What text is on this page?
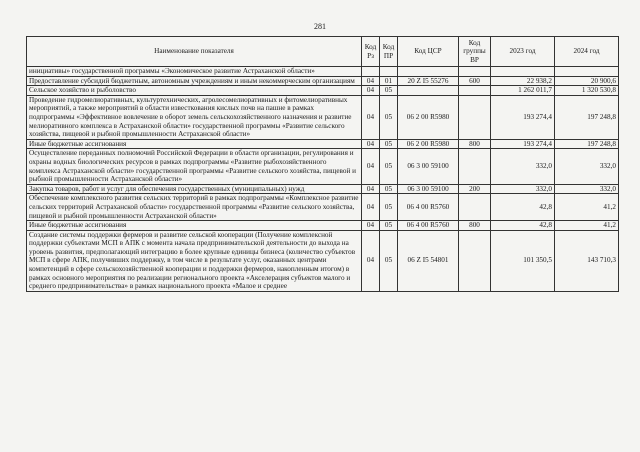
281
Наименование показателя	Код Рз	Код ПР	Код ЦСР	Код группы ВР	2023 год	2024 год
инициативы» государственной программы «Экономическое развитие Астраханской области»						
Предоставление субсидий бюджетным, автономным учреждениям и иным некоммерческим организациям	04	01	20 Z I5 55276	600	22 938,2	20 900,6
Сельское хозяйство и рыболовство	04	05			1 262 011,7	1 320 530,8
Проведение гидромелиоративных, культуртехнических, агролесомелиоративных и фитомелиоративных мероприятий, а также мероприятий в области известкования кислых почв на пашне в рамках подпрограммы «Эффективное вовлечение в оборот земель сельскохозяйственного назначения и развитие мелиоративного комплекса в Астраханской области» государственной программы «Развитие сельского хозяйства, пищевой и рыбной промышленности Астраханской области»	04	05	06 2 00 R5980		193 274,4	197 248,8
Иные бюджетные ассигнования	04	05	06 2 00 R5980	800	193 274,4	197 248,8
Осуществление переданных полномочий Российской Федерации в области организации, регулирования и охраны водных биологических ресурсов в рамках подпрограммы «Развитие рыбохозяйственного комплекса Астраханской области» государственной программы «Развитие сельского хозяйства, пищевой и рыбной промышленности Астраханской области»	04	05	06 3 00 59100		332,0	332,0
Закупка товаров, работ и услуг для обеспечения государственных (муниципальных) нужд	04	05	06 3 00 59100	200	332,0	332,0
Обеспечение комплексного развития сельских территорий в рамках подпрограммы «Комплексное развитие сельских территорий Астраханской области» государственной программы «Развитие сельского хозяйства, пищевой и рыбной промышленности Астраханской области»	04	05	06 4 00 R5760		42,8	41,2
Иные бюджетные ассигнования	04	05	06 4 00 R5760	800	42,8	41,2
Создание системы поддержки фермеров и развитие сельской кооперации (Получение комплексной поддержки субъектами МСП в АПК с момента начала предпринимательской деятельности до выхода на уровень развития, предполагающий интеграцию в более крупные единицы бизнеса (количество субъектов МСП в сфере АПК, получивших поддержку, в том числе в результате услуг, оказанных центрами компетенций в сфере сельскохозяйственной кооперации и поддержки фермеров, накопленным итогом) в рамках основного мероприятия по реализации регионального проекта «Акселерация субъектов малого и среднего предпринимательства» в рамках национального проекта «Малое и среднее	04	05	06 Z I5 54801		101 350,5	143 710,3
